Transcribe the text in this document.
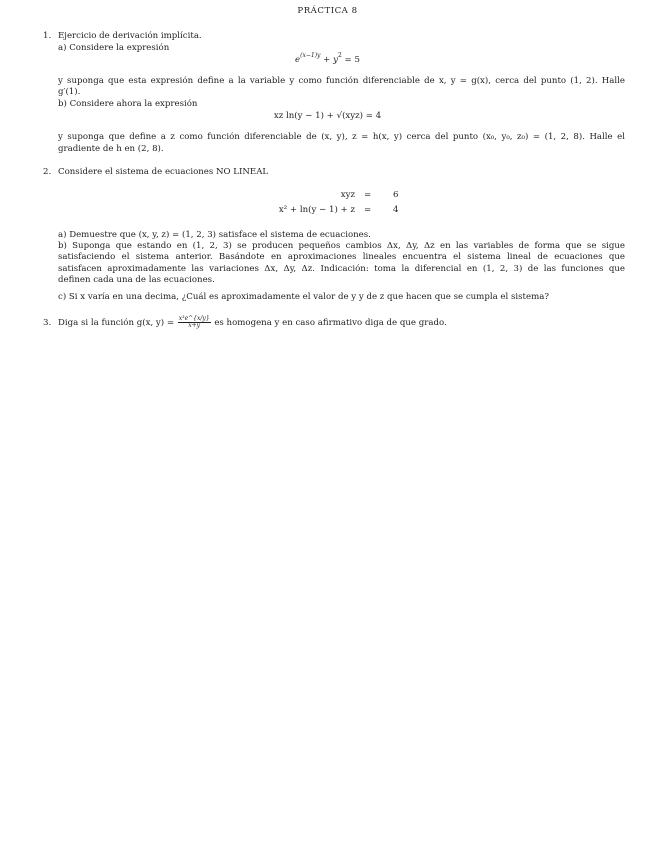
PRÁCTICA 8
1. Ejercicio de derivación implícita.
a) Considere la expresión
$e^{(x-1)y} + y^2 = 5$
y suponga que esta expresión define a la variable y como función diferenciable de x, y = g(x), cerca del punto (1, 2). Halle
g′(1).
b) Considere ahora la expresión
xz ln(y − 1) + √(xyz) = 4
y suponga que define a z como función diferenciable de (x, y), z = h(x, y) cerca del punto (x₀, y₀, z₀) = (1, 2, 8). Halle el
gradiente de h en (2, 8).
2. Considere el sistema de ecuaciones NO LINEAL
xyz =	6
x² + ln(y − 1) + z =	4
a) Demuestre que (x, y, z) = (1, 2, 3) satisface el sistema de ecuaciones.
b) Suponga que estando en (1, 2, 3) se producen pequeños cambios Δx, Δy, Δz en las variables de forma que se sigue
satisfaciendo el sistema anterior. Basándote en aproximaciones lineales encuentra el sistema lineal de ecuaciones que
satisfacen aproximadamente las variaciones Δx, Δy, Δz. Indicación: toma la diferencial en (1, 2, 3) de las funciones que
definen cada una de las ecuaciones.
c) Si x varía en una decima, ¿Cuál es aproximadamente el valor de y y de z que hacen que se cumpla el sistema?
3. Diga si la función g(x, $y) = \frac{\text{x³e\textasciicircum{}\{x/y\}}}{x+y}$ es homogena y en caso afirmativo diga de que grado.
